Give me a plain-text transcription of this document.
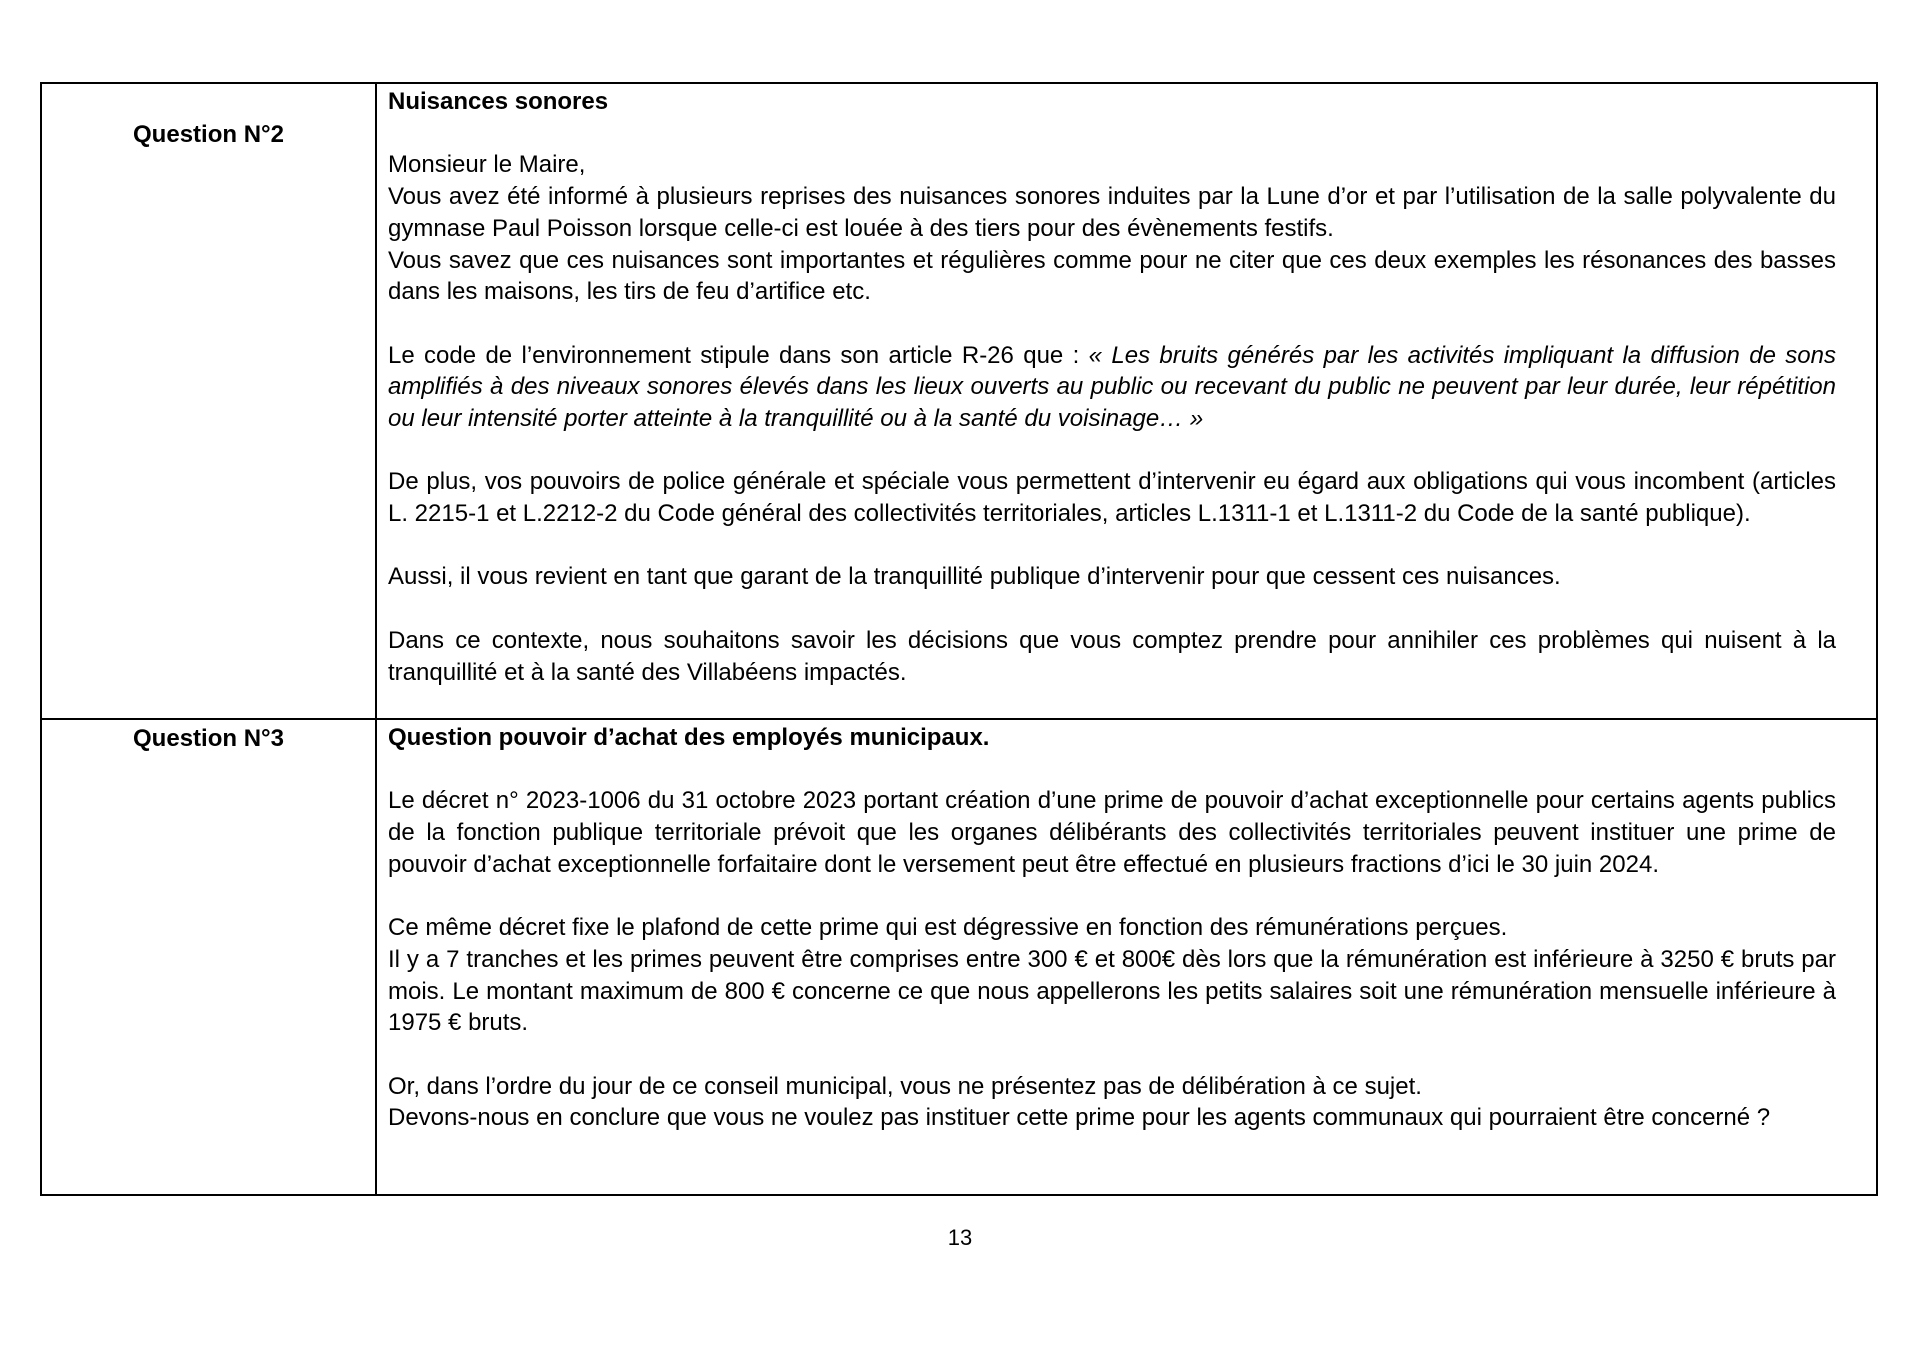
Question N°2
Nuisances sonores
Monsieur le Maire,
Vous avez été informé à plusieurs reprises des nuisances sonores induites par la Lune d’or et par l’utilisation de la salle polyvalente du gymnase Paul Poisson lorsque celle-ci est louée à des tiers pour des évènements festifs.
Vous savez que ces nuisances sont importantes et régulières comme pour ne citer que ces deux exemples les résonances des basses dans les maisons, les tirs de feu d’artifice etc.
Le code de l’environnement stipule dans son article R-26 que : « Les bruits générés par les activités impliquant la diffusion de sons amplifiés à des niveaux sonores élevés dans les lieux ouverts au public ou recevant du public ne peuvent par leur durée, leur répétition ou leur intensité porter atteinte à la tranquillité ou à la santé du voisinage… »
De plus, vos pouvoirs de police générale et spéciale vous permettent d’intervenir eu égard aux obligations qui vous incombent (articles L. 2215-1 et L.2212-2 du Code général des collectivités territoriales, articles L.1311-1 et L.1311-2 du Code de la santé publique).
Aussi, il vous revient en tant que garant de la tranquillité publique d’intervenir pour que cessent ces nuisances.
Dans ce contexte, nous souhaitons savoir les décisions que vous comptez prendre pour annihiler ces problèmes qui nuisent à la tranquillité et à la santé des Villabéens impactés.
Question N°3	Question pouvoir d’achat des employés municipaux.
Le décret n° 2023-1006 du 31 octobre 2023 portant création d’une prime de pouvoir d’achat exceptionnelle pour certains agents publics de la fonction publique territoriale prévoit que les organes délibérants des collectivités territoriales peuvent instituer une prime de pouvoir d’achat exceptionnelle forfaitaire dont le versement peut être effectué en plusieurs fractions d’ici le 30 juin 2024.
Ce même décret fixe le plafond de cette prime qui est dégressive en fonction des rémunérations perçues.
Il y a 7 tranches et les primes peuvent être comprises entre 300 € et 800€ dès lors que la rémunération est inférieure à 3250 € bruts par mois. Le montant maximum de 800 € concerne ce que nous appellerons les petits salaires soit une rémunération mensuelle inférieure à 1975 € bruts.
Or, dans l’ordre du jour de ce conseil municipal, vous ne présentez pas de délibération à ce sujet.
Devons-nous en conclure que vous ne voulez pas instituer cette prime pour les agents communaux qui pourraient être concerné ?
13
